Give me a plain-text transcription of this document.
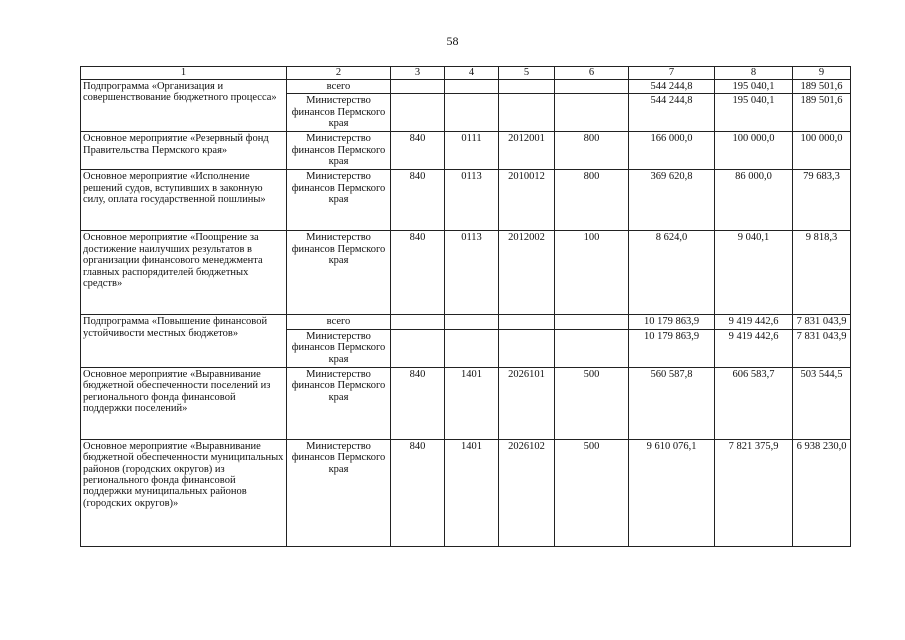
58
1	2	3	4	5	6	7	8	9
Подпрограмма «Организация и совершенствование бюджетного процесса»	всего					544 244,8	195 040,1	189 501,6
	Министерство финансов Пермского края					544 244,8	195 040,1	189 501,6
Основное мероприятие «Резервный фонд Правительства Пермского края»	Министерство финансов Пермского края	840	0111	2012001	800	166 000,0	100 000,0	100 000,0
Основное мероприятие «Исполнение решений судов, вступивших в законную силу, оплата государственной пошлины»	Министерство финансов Пермского края	840	0113	2010012	800	369 620,8	86 000,0	79 683,3
Основное мероприятие «Поощрение за достижение наилучших результатов в организации финансового менеджмента главных распорядителей бюджетных средств»	Министерство финансов Пермского края	840	0113	2012002	100	8 624,0	9 040,1	9 818,3
Подпрограмма «Повышение финансовой устойчивости местных бюджетов»	всего					10 179 863,9	9 419 442,6	7 831 043,9
	Министерство финансов Пермского края					10 179 863,9	9 419 442,6	7 831 043,9
Основное мероприятие «Выравнивание бюджетной обеспеченности поселений из регионального фонда финансовой поддержки поселений»	Министерство финансов Пермского края	840	1401	2026101	500	560 587,8	606 583,7	503 544,5
Основное мероприятие «Выравнивание бюджетной обеспеченности муниципальных районов (городских округов) из регионального фонда финансовой поддержки муниципальных районов (городских округов)»	Министерство финансов Пермского края	840	1401	2026102	500	9 610 076,1	7 821 375,9	6 938 230,0
